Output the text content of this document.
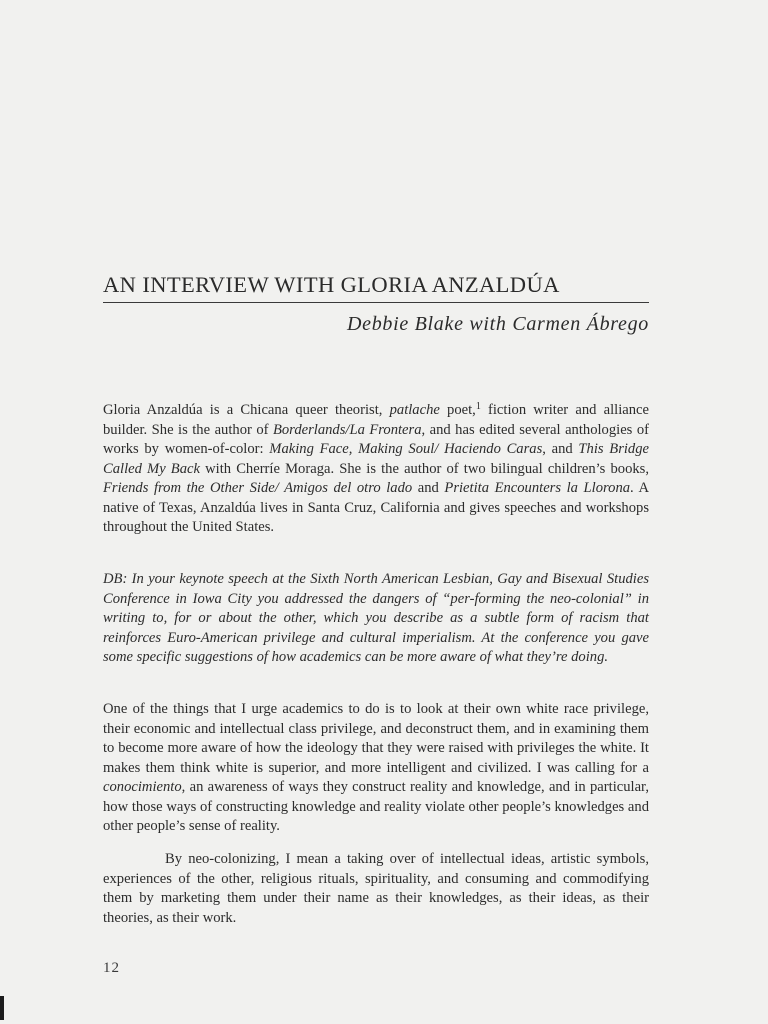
AN INTERVIEW WITH GLORIA ANZALDÚA
Debbie Blake with Carmen Ábrego

Gloria Anzaldúa is a Chicana queer theorist, patlache poet,$^1$ fiction writer and alliance builder. She is the author of Borderlands/La Frontera, and has edited several anthologies of works by women-of-color: Making Face, Making Soul/ Haciendo Caras, and This Bridge Called My Back with Cherríe Moraga. She is the author of two bilingual children’s books, Friends from the Other Side/ Amigos del otro lado and Prietita Encounters la Llorona. A native of Texas, Anzaldúa lives in Santa Cruz, California and gives speeches and workshops throughout the United States.

DB: In your keynote speech at the Sixth North American Lesbian, Gay and Bisexual Studies Conference in Iowa City you addressed the dangers of “per-forming the neo-colonial” in writing to, for or about the other, which you describe as a subtle form of racism that reinforces Euro-American privilege and cultural imperialism. At the conference you gave some specific suggestions of how academics can be more aware of what they’re doing.

One of the things that I urge academics to do is to look at their own white race privilege, their economic and intellectual class privilege, and deconstruct them, and in examining them to become more aware of how the ideology that they were raised with privileges the white. It makes them think white is superior, and more intelligent and civilized. I was calling for a conocimiento, an awareness of ways they construct reality and knowledge, and in particular, how those ways of constructing knowledge and reality violate other people’s knowledges and other people’s sense of reality.

By neo-colonizing, I mean a taking over of intellectual ideas, artistic symbols, experiences of the other, religious rituals, spirituality, and consuming and commodifying them by marketing them under their name as their knowledges, as their ideas, as their theories, as their work.

12
